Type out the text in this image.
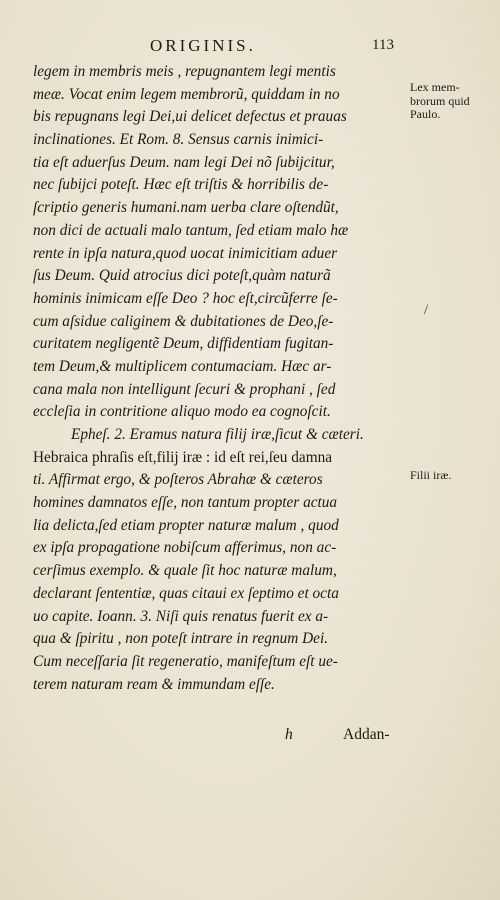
ORIGINIS.	113
legem in membris meis , repugnantem legi mentis
meæ. Vocat enim legem membrorũ, quiddam in no
bis repugnans legi Dei,ui delicet defectus et prauas
inclinationes. Et Rom. 8. Sensus carnis inimici-
tia eſt aduerſus Deum. nam legi Dei nõ ſubijcitur,
nec ſubijci poteſt. Hæc eſt triſtis & horribilis de-
ſcriptio generis humani.nam uerba clare oſtendũt,
non dici de actuali malo tantum, ſed etiam malo hæ
rente in ipſa natura,quod uocat inimicitiam aduer
ſus Deum. Quid atrocius dici poteſt,quàm naturã
hominis inimicam eſſe Deo ? hoc eſt,circũferre ſe-
cum aſsidue caliginem & dubitationes de Deo,ſe-
curitatem negligentẽ Deum, diffidentiam fugitan-
tem Deum,& multiplicem contumaciam. Hæc ar-
cana mala non intelligunt ſecuri & prophani , ſed
eccleſia in contritione aliquo modo ea cognoſcit.
Epheſ. 2. Eramus natura filij iræ,ſicut & cæteri.
Hebraica phraſis eſt,filij iræ : id eſt rei,ſeu damna
ti. Affirmat ergo, & poſteros Abrahæ & cæteros
homines damnatos eſſe, non tantum propter actua
lia delicta,ſed etiam propter naturæ malum , quod
ex ipſa propagatione nobiſcum afferimus, non ac-
cerſimus exemplo. & quale ſit hoc naturæ malum,
declarant ſententiæ, quas citaui ex ſeptimo et octa
uo capite. Ioann. 3. Niſi quis renatus fuerit ex a-
qua & ſpiritu , non poteſt intrare in regnum Dei.
Cum neceſſaria ſit regeneratio, manifeſtum eſt ue-
terem naturam ream & immundam eſſe.
Lex mem- brorum quid Paulo.
Filii iræ.
/
h	Addan-
